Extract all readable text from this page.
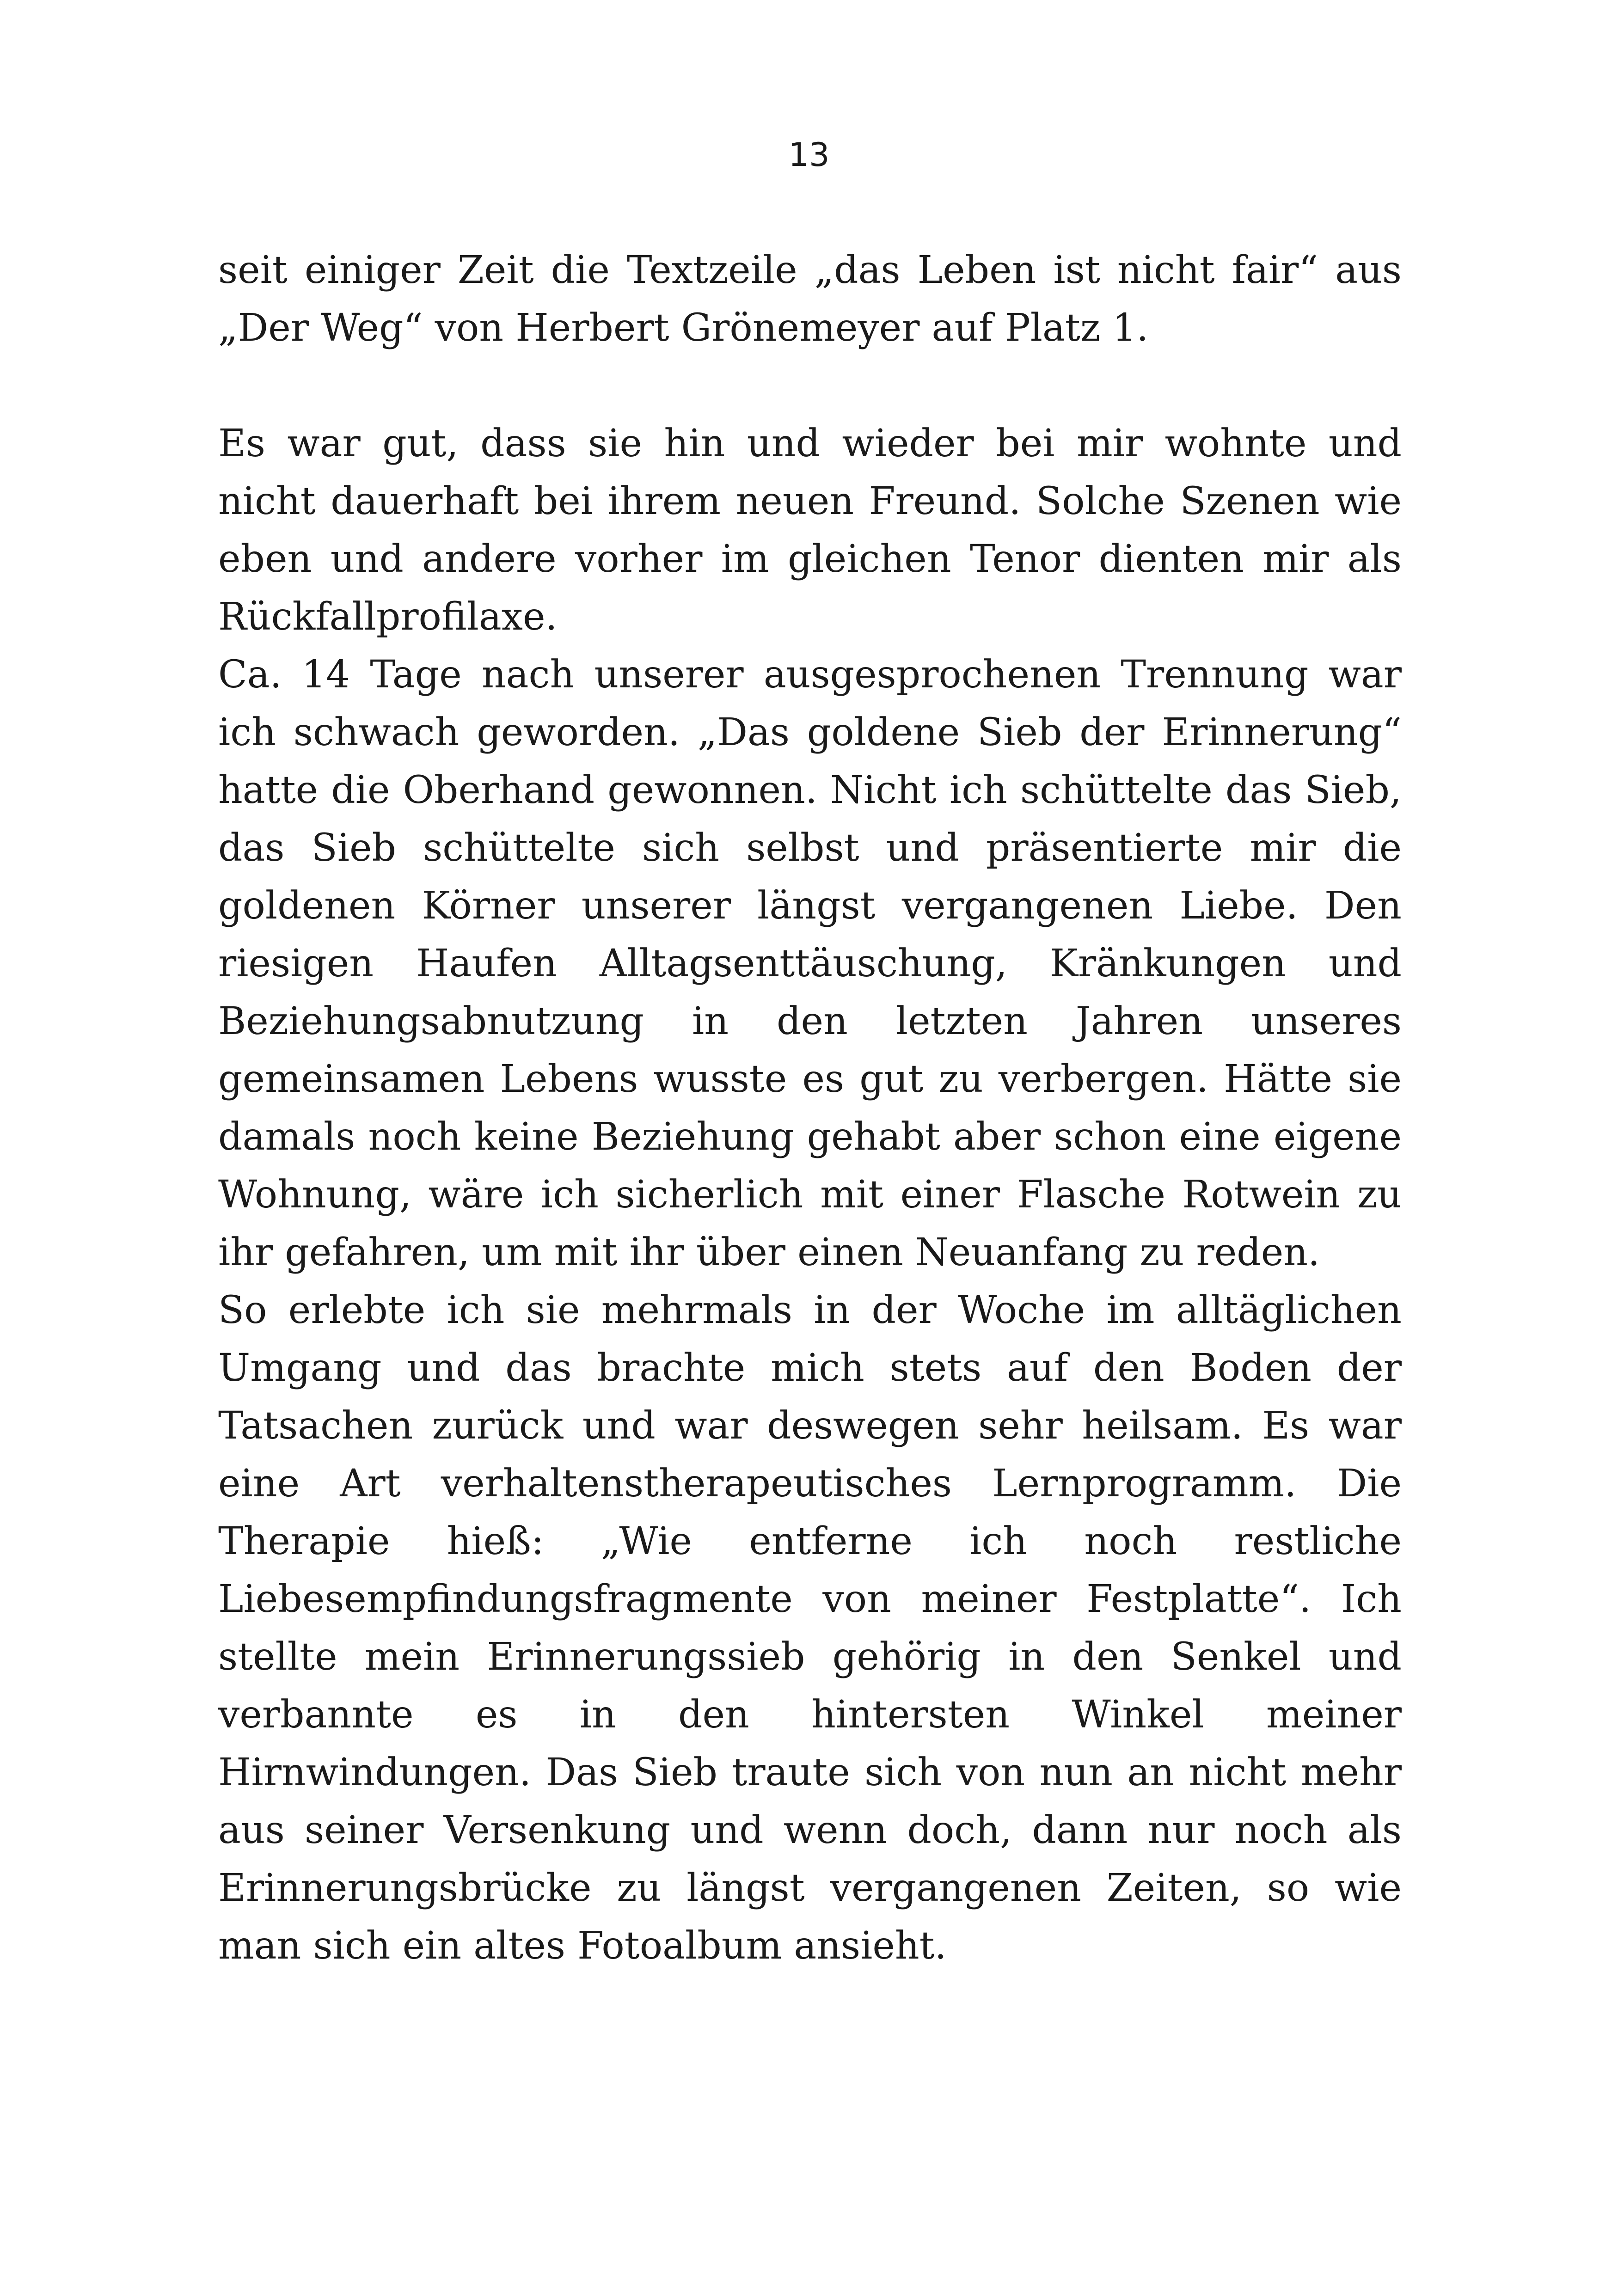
13

seit einiger Zeit die Textzeile „das Leben ist nicht fair“ aus „Der Weg“ von Herbert Grönemeyer auf Platz 1.

Es war gut, dass sie hin und wieder bei mir wohnte und nicht dauerhaft bei ihrem neuen Freund. Solche Szenen wie eben und andere vorher im gleichen Tenor dienten mir als Rückfallprofilaxe.

Ca. 14 Tage nach unserer ausgesprochenen Trennung war ich schwach geworden. „Das goldene Sieb der Erinnerung“ hatte die Oberhand gewonnen. Nicht ich schüttelte das Sieb, das Sieb schüttelte sich selbst und präsentierte mir die goldenen Körner unserer längst vergangenen Liebe. Den riesigen Haufen Alltagsenttäuschung, Kränkungen und Beziehungsabnutzung in den letzten Jahren unseres gemeinsamen Lebens wusste es gut zu verbergen. Hätte sie damals noch keine Beziehung gehabt aber schon eine eigene Wohnung, wäre ich sicherlich mit einer Flasche Rotwein zu ihr gefahren, um mit ihr über einen Neuanfang zu reden.

So erlebte ich sie mehrmals in der Woche im alltäglichen Umgang und das brachte mich stets auf den Boden der Tatsachen zurück und war deswegen sehr heilsam. Es war eine Art verhaltenstherapeutisches Lernprogramm. Die Therapie hieß: „Wie entferne ich noch restliche Liebesempfindungsfragmente von meiner Festplatte“. Ich stellte mein Erinnerungssieb gehörig in den Senkel und verbannte es in den hintersten Winkel meiner Hirnwindungen. Das Sieb traute sich von nun an nicht mehr aus seiner Versenkung und wenn doch, dann nur noch als Erinnerungsbrücke zu längst vergangenen Zeiten, so wie man sich ein altes Fotoalbum ansieht.
